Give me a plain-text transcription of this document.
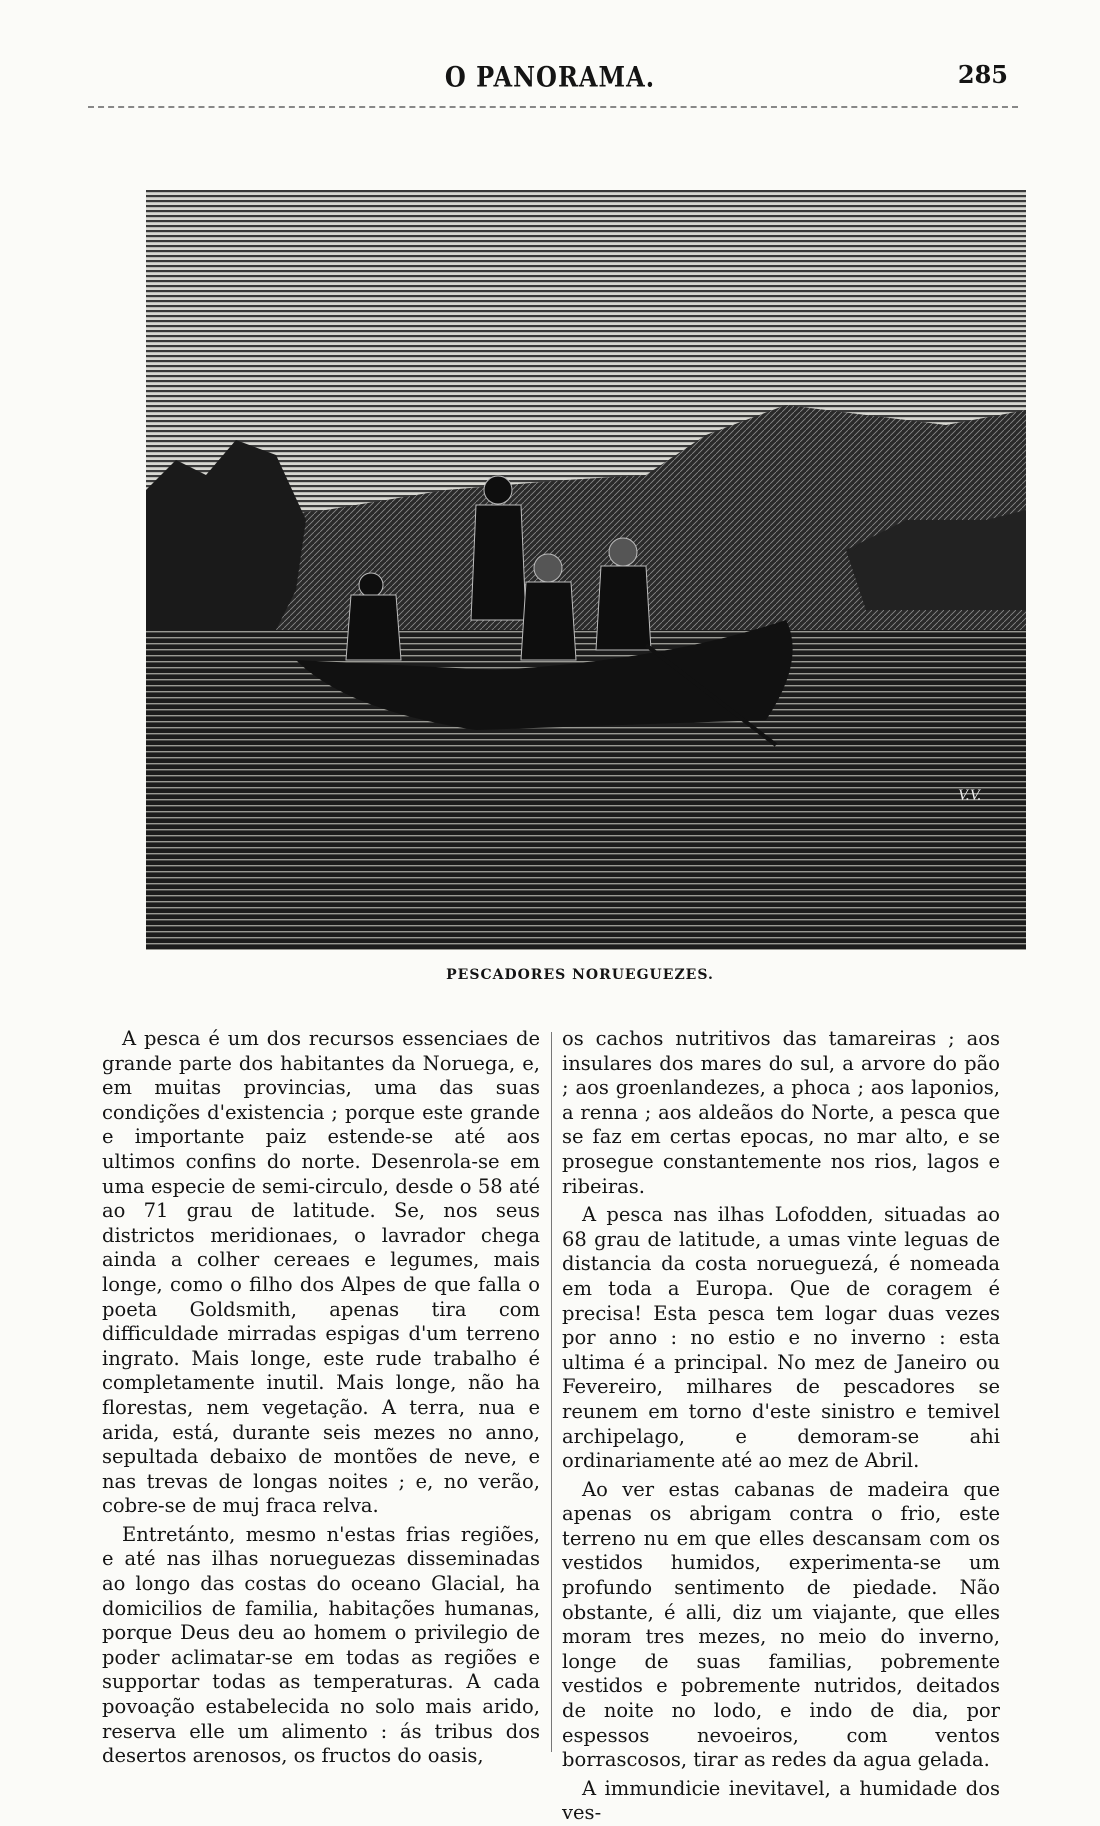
O PANORAMA.	285
V.V.
PESCADORES NORUEGUEZES.

A pesca é um dos recursos essenciaes de grande parte dos habitantes da Noruega, e, em muitas provincias, uma das suas condições d'existencia ; porque este grande e importante paiz estende-se até aos ultimos confins do norte. Desenrola-se em uma especie de semi-circulo, desde o 58 até ao 71 grau de latitude. Se, nos seus districtos meridionaes, o lavrador chega ainda a colher cereaes e legumes, mais longe, como o filho dos Alpes de que falla o poeta Goldsmith, apenas tira com difficuldade mirradas espigas d'um terreno ingrato. Mais longe, este rude trabalho é completamente inutil. Mais longe, não ha florestas, nem vegetação. A terra, nua e arida, está, durante seis mezes no anno, sepultada debaixo de montões de neve, e nas trevas de longas noites ; e, no verão, cobre-se de muj fraca relva.

Entretánto, mesmo n'estas frias regiões, e até nas ilhas norueguezas disseminadas ao longo das costas do oceano Glacial, ha domicilios de familia, habitações humanas, porque Deus deu ao homem o privilegio de poder aclimatar-se em todas as regiões e supportar todas as temperaturas. A cada povoação estabelecida no solo mais arido, reserva elle um alimento : ás tribus dos desertos arenosos, os fructos do oasis,

os cachos nutritivos das tamareiras ; aos insulares dos mares do sul, a arvore do pão ; aos groenlandezes, a phoca ; aos laponios, a renna ; aos aldeãos do Norte, a pesca que se faz em certas epocas, no mar alto, e se prosegue constantemente nos rios, lagos e ribeiras.

A pesca nas ilhas Lofodden, situadas ao 68 grau de latitude, a umas vinte leguas de distancia da costa norueguezá, é nomeada em toda a Europa. Que de coragem é precisa! Esta pesca tem logar duas vezes por anno : no estio e no inverno : esta ultima é a principal. No mez de Janeiro ou Fevereiro, milhares de pescadores se reunem em torno d'este sinistro e temivel archipelago, e demoram-se ahi ordinariamente até ao mez de Abril.

Ao ver estas cabanas de madeira que apenas os abrigam contra o frio, este terreno nu em que elles descansam com os vestidos humidos, experimenta-se um profundo sentimento de piedade. Não obstante, é alli, diz um viajante, que elles moram tres mezes, no meio do inverno, longe de suas familias, pobremente vestidos e pobremente nutridos, deitados de noite no lodo, e indo de dia, por espessos nevoeiros, com ventos borrascosos, tirar as redes da agua gelada.

A immundicie inevitavel, a humidade dos ves-
